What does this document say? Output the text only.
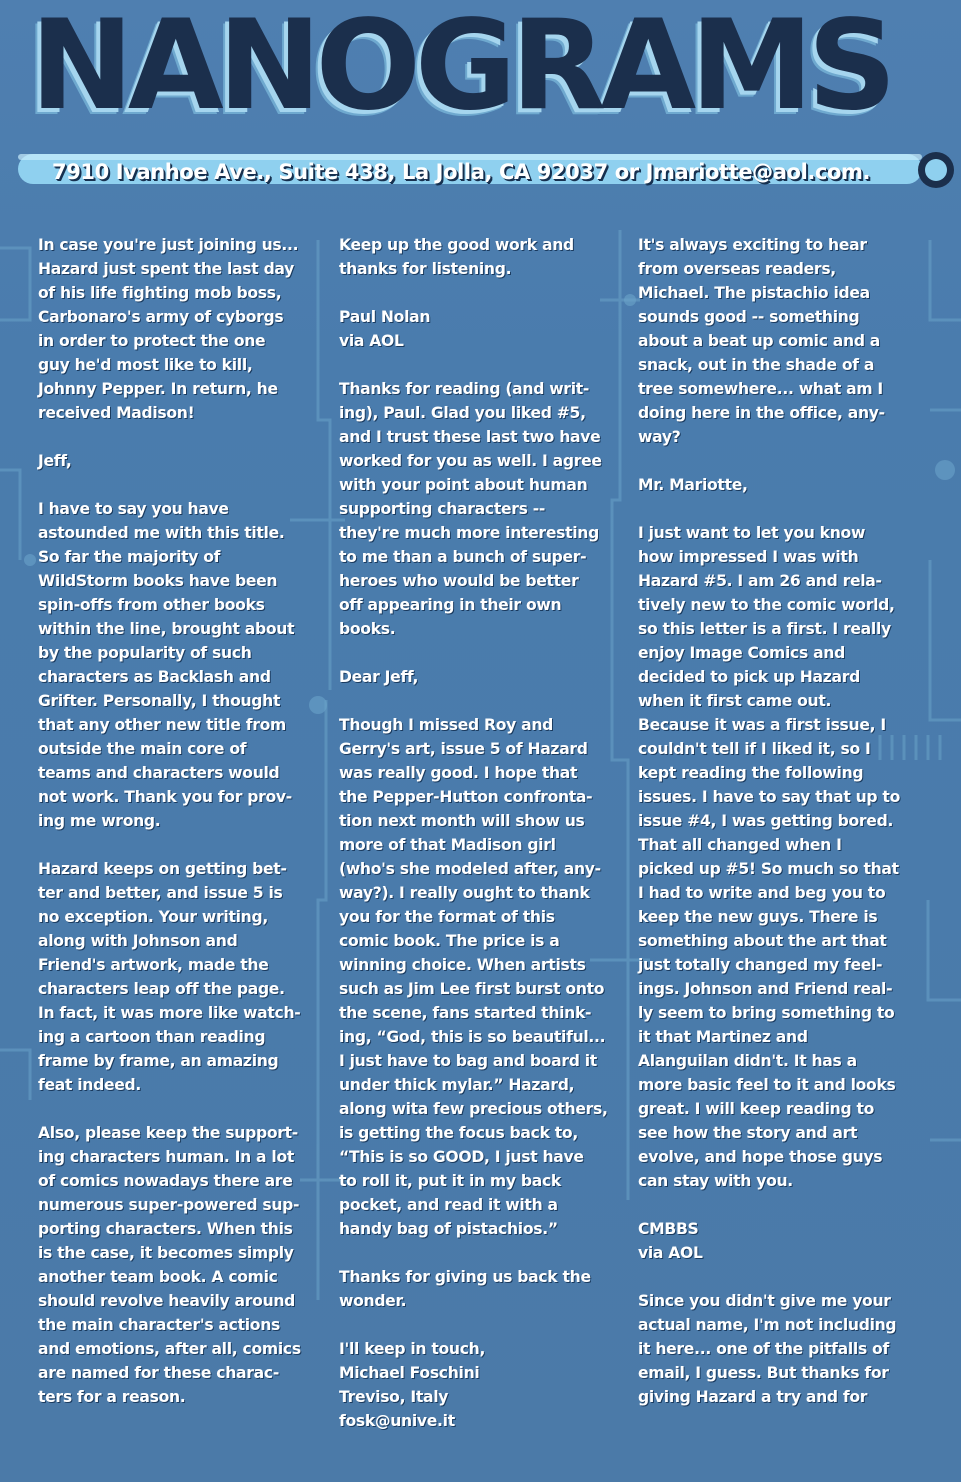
NANOGRAMS
7910 Ivanhoe Ave., Suite 438, La Jolla, CA 92037 or Jmariotte@aol.com.

In case you're just joining us...
Hazard just spent the last day
of his life fighting mob boss,
Carbonaro's army of cyborgs
in order to protect the one
guy he'd most like to kill,
Johnny Pepper. In return, he
received Madison!

Jeff,

I have to say you have
astounded me with this title.
So far the majority of
WildStorm books have been
spin-offs from other books
within the line, brought about
by the popularity of such
characters as Backlash and
Grifter. Personally, I thought
that any other new title from
outside the main core of
teams and characters would
not work. Thank you for prov-
ing me wrong.

Hazard keeps on getting bet-
ter and better, and issue 5 is
no exception. Your writing,
along with Johnson and
Friend's artwork, made the
characters leap off the page.
In fact, it was more like watch-
ing a cartoon than reading
frame by frame, an amazing
feat indeed.

Also, please keep the support-
ing characters human. In a lot
of comics nowadays there are
numerous super-powered sup-
porting characters. When this
is the case, it becomes simply
another team book. A comic
should revolve heavily around
the main character's actions
and emotions, after all, comics
are named for these charac-
ters for a reason.

Keep up the good work and
thanks for listening.

Paul Nolan
via AOL

Thanks for reading (and writ-
ing), Paul. Glad you liked #5,
and I trust these last two have
worked for you as well. I agree
with your point about human
supporting characters --
they're much more interesting
to me than a bunch of super-
heroes who would be better
off appearing in their own
books.

Dear Jeff,

Though I missed Roy and
Gerry's art, issue 5 of Hazard
was really good. I hope that
the Pepper-Hutton confronta-
tion next month will show us
more of that Madison girl
(who's she modeled after, any-
way?). I really ought to thank
you for the format of this
comic book. The price is a
winning choice. When artists
such as Jim Lee first burst onto
the scene, fans started think-
ing, “God, this is so beautiful...
I just have to bag and board it
under thick mylar.” Hazard,
along wita few precious others,
is getting the focus back to,
“This is so GOOD, I just have
to roll it, put it in my back
pocket, and read it with a
handy bag of pistachios.”

Thanks for giving us back the
wonder.

I'll keep in touch,
Michael Foschini
Treviso, Italy
fosk@unive.it

It's always exciting to hear
from overseas readers,
Michael. The pistachio idea
sounds good -- something
about a beat up comic and a
snack, out in the shade of a
tree somewhere... what am I
doing here in the office, any-
way?

Mr. Mariotte,

I just want to let you know
how impressed I was with
Hazard #5. I am 26 and rela-
tively new to the comic world,
so this letter is a first. I really
enjoy Image Comics and
decided to pick up Hazard
when it first came out.
Because it was a first issue, I
couldn't tell if I liked it, so I
kept reading the following
issues. I have to say that up to
issue #4, I was getting bored.
That all changed when I
picked up #5! So much so that
I had to write and beg you to
keep the new guys. There is
something about the art that
just totally changed my feel-
ings. Johnson and Friend real-
ly seem to bring something to
it that Martinez and
Alanguilan didn't. It has a
more basic feel to it and looks
great. I will keep reading to
see how the story and art
evolve, and hope those guys
can stay with you.

CMBBS
via AOL

Since you didn't give me your
actual name, I'm not including
it here... one of the pitfalls of
email, I guess. But thanks for
giving Hazard a try and for
